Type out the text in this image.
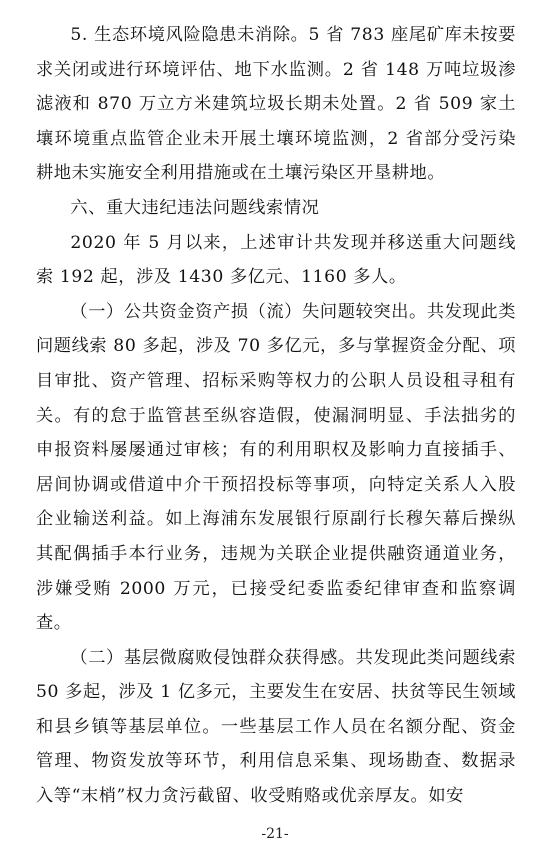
5. 生态环境风险隐患未消除。5 省 783 座尾矿库未按要求关闭或进行环境评估、地下水监测。2 省 148 万吨垃圾渗滤液和 870 万立方米建筑垃圾长期未处置。2 省 509 家土壤环境重点监管企业未开展土壤环境监测，2 省部分受污染耕地未实施安全利用措施或在土壤污染区开垦耕地。

六、重大违纪违法问题线索情况

2020 年 5 月以来，上述审计共发现并移送重大问题线索 192 起，涉及 1430 多亿元、1160 多人。

（一）公共资金资产损（流）失问题较突出。共发现此类问题线索 80 多起，涉及 70 多亿元，多与掌握资金分配、项目审批、资产管理、招标采购等权力的公职人员设租寻租有关。有的怠于监管甚至纵容造假，使漏洞明显、手法拙劣的申报资料屡屡通过审核；有的利用职权及影响力直接插手、居间协调或借道中介干预招投标等事项，向特定关系人入股企业输送利益。如上海浦东发展银行原副行长穆矢幕后操纵其配偶插手本行业务，违规为关联企业提供融资通道业务，涉嫌受贿 2000 万元，已接受纪委监委纪律审查和监察调查。

（二）基层微腐败侵蚀群众获得感。共发现此类问题线索 50 多起，涉及 1 亿多元，主要发生在安居、扶贫等民生领域和县乡镇等基层单位。一些基层工作人员在名额分配、资金管理、物资发放等环节，利用信息采集、现场勘查、数据录入等“末梢”权力贪污截留、收受贿赂或优亲厚友。如安

-21-
